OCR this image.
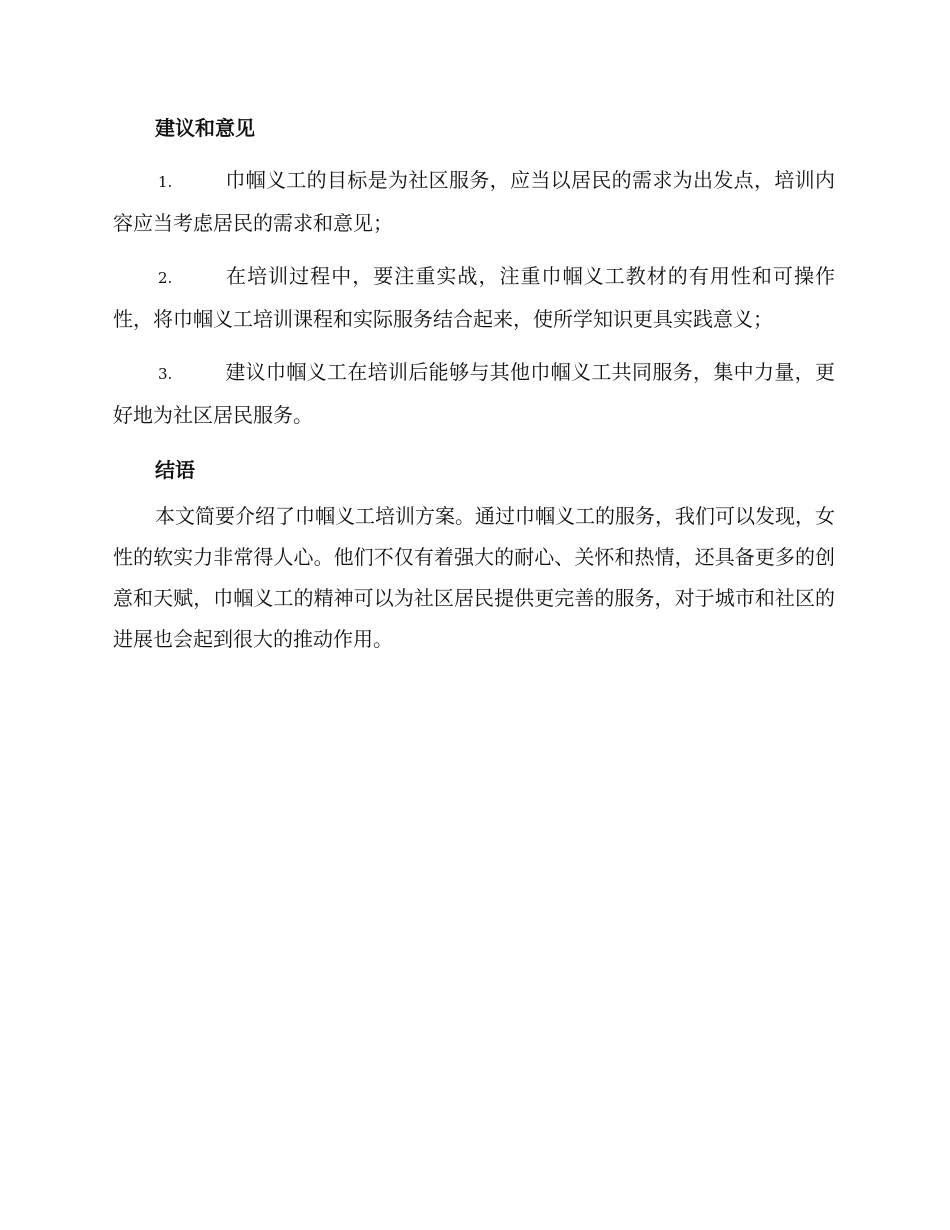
建议和意见
1.	巾帼义工的目标是为社区服务，应当以居民的需求为出发点，培训内容应当考虑居民的需求和意见；
2.	在培训过程中，要注重实战，注重巾帼义工教材的有用性和可操作性，将巾帼义工培训课程和实际服务结合起来，使所学知识更具实践意义；
3.	建议巾帼义工在培训后能够与其他巾帼义工共同服务，集中力量，更好地为社区居民服务。
结语

本文简要介绍了巾帼义工培训方案。通过巾帼义工的服务，我们可以发现，女性的软实力非常得人心。他们不仅有着强大的耐心、关怀和热情，还具备更多的创意和天赋，巾帼义工的精神可以为社区居民提供更完善的服务，对于城市和社区的进展也会起到很大的推动作用。
